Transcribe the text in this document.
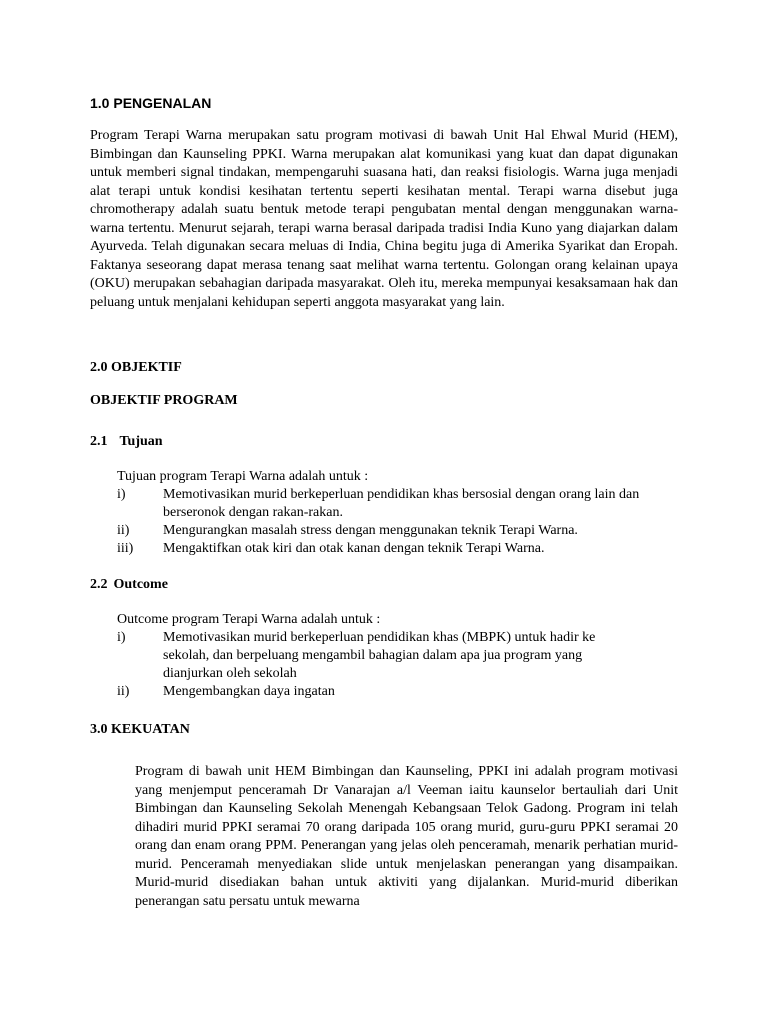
1.0 PENGENALAN

Program Terapi Warna merupakan satu program motivasi di bawah Unit Hal Ehwal Murid (HEM), Bimbingan dan Kaunseling PPKI. Warna merupakan alat komunikasi yang kuat dan dapat digunakan untuk memberi signal tindakan, mempengaruhi suasana hati, dan reaksi fisiologis. Warna juga menjadi alat terapi untuk kondisi kesihatan tertentu seperti kesihatan mental. Terapi warna disebut juga chromotherapy adalah suatu bentuk metode terapi pengubatan mental dengan menggunakan warna-warna tertentu. Menurut sejarah, terapi warna berasal daripada tradisi India Kuno yang diajarkan dalam Ayurveda. Telah digunakan secara meluas di India, China begitu juga di Amerika Syarikat dan Eropah. Faktanya seseorang dapat merasa tenang saat melihat warna tertentu. Golongan orang kelainan upaya (OKU) merupakan sebahagian daripada masyarakat. Oleh itu, mereka mempunyai kesaksamaan hak dan peluang untuk menjalani kehidupan seperti anggota masyarakat yang lain.

2.0 OBJEKTIF
OBJEKTIF PROGRAM
2.1 Tujuan
Tujuan program Terapi Warna adalah untuk :
i)	Memotivasikan murid berkeperluan pendidikan khas bersosial dengan orang lain dan berseronok dengan rakan-rakan.
ii)	Mengurangkan masalah stress dengan menggunakan teknik Terapi Warna.
iii)	Mengaktifkan otak kiri dan otak kanan dengan teknik Terapi Warna.
2.2 Outcome
Outcome program Terapi Warna adalah untuk :
i)	Memotivasikan murid berkeperluan pendidikan khas (MBPK) untuk hadir ke sekolah, dan berpeluang mengambil bahagian dalam apa jua program yang dianjurkan oleh sekolah
ii)	Mengembangkan daya ingatan
3.0 KEKUATAN

Program di bawah unit HEM Bimbingan dan Kaunseling, PPKI ini adalah program motivasi yang menjemput penceramah Dr Vanarajan a/l Veeman iaitu kaunselor bertauliah dari Unit Bimbingan dan Kaunseling Sekolah Menengah Kebangsaan Telok Gadong. Program ini telah dihadiri murid PPKI seramai 70 orang daripada 105 orang murid, guru-guru PPKI seramai 20 orang dan enam orang PPM. Penerangan yang jelas oleh penceramah, menarik perhatian murid-murid. Penceramah menyediakan slide untuk menjelaskan penerangan yang disampaikan. Murid-murid disediakan bahan untuk aktiviti yang dijalankan. Murid-murid diberikan penerangan satu persatu untuk mewarna
